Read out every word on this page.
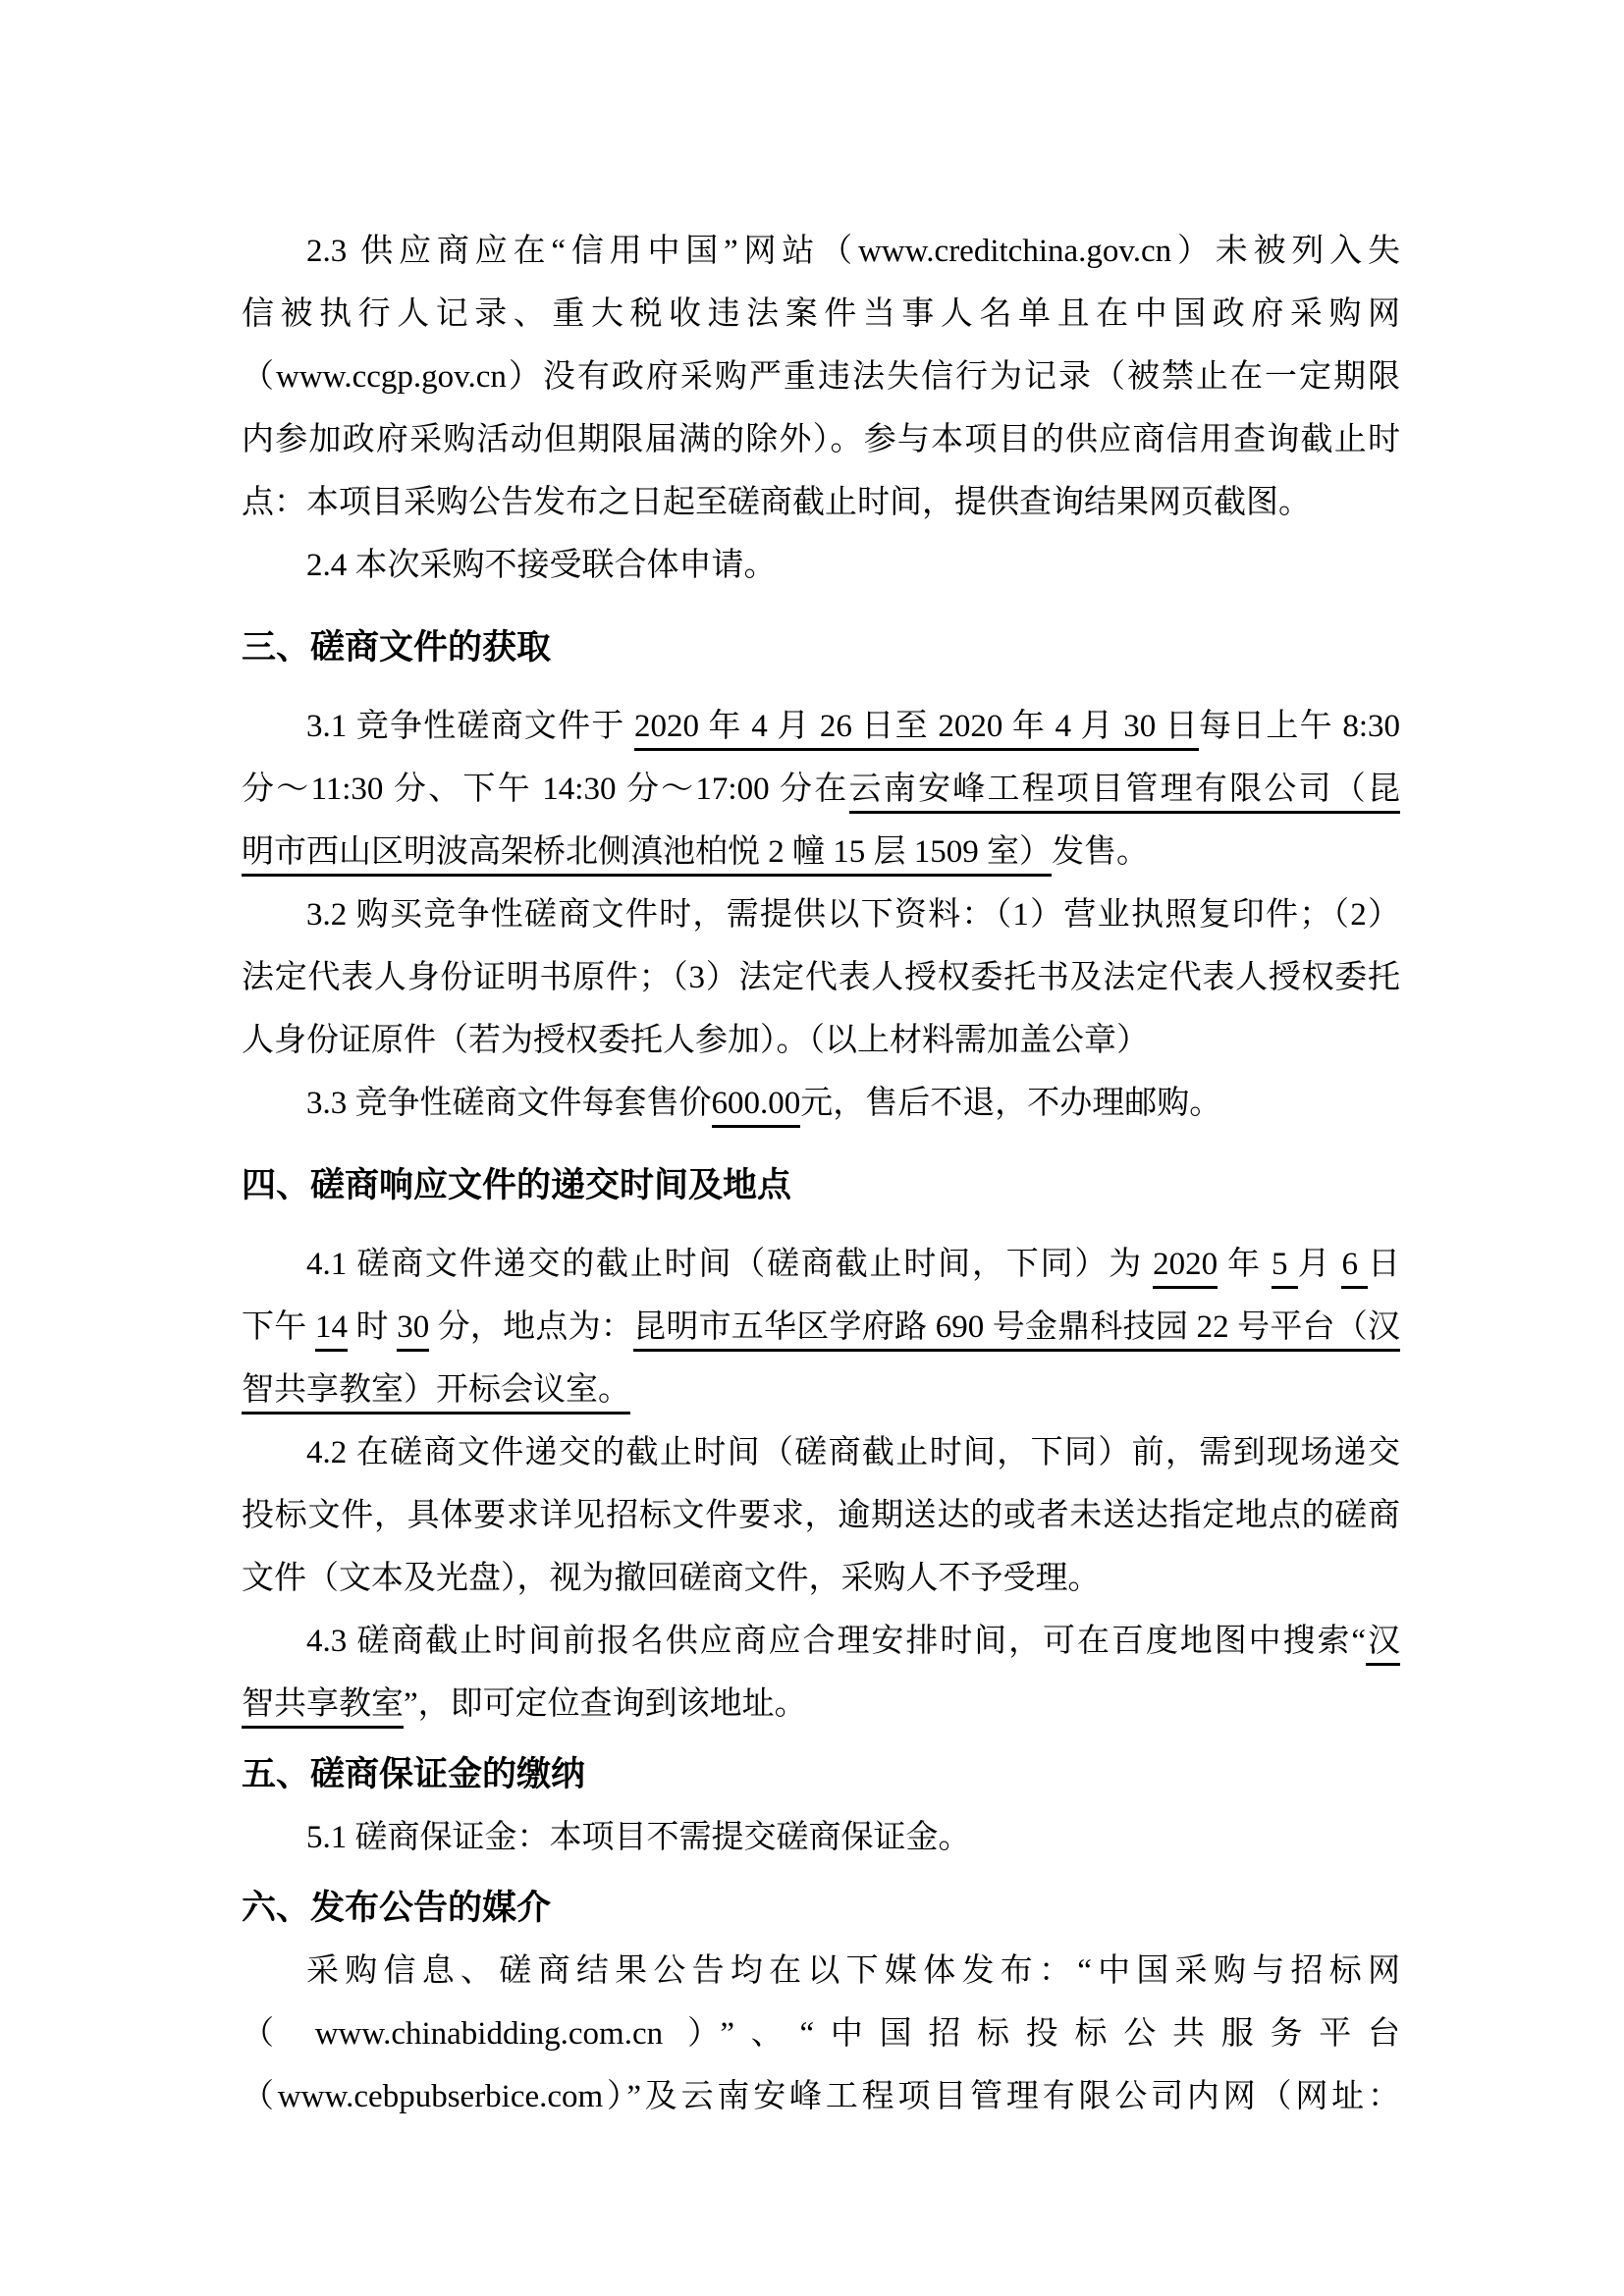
2.3 供应商应在“信用中国”网站（www.creditchina.gov.cn）未被列入失
信被执行人记录、重大税收违法案件当事人名单且在中国政府采购网
（www.ccgp.gov.cn）没有政府采购严重违法失信行为记录（被禁止在一定期限
内参加政府采购活动但期限届满的除外）。参与本项目的供应商信用查询截止时
点：本项目采购公告发布之日起至磋商截止时间，提供查询结果网页截图。
2.4 本次采购不接受联合体申请。
三、磋商文件的获取
3.1 竞争性磋商文件于 2020 年 4 月 26 日至 2020 年 4 月 30 日每日上午 8:30
分～11:30 分、下午 14:30 分～17:00 分在云南安峰工程项目管理有限公司（昆
明市西山区明波高架桥北侧滇池柏悦 2 幢 15 层 1509 室）发售。
3.2 购买竞争性磋商文件时，需提供以下资料：（1）营业执照复印件；（2）
法定代表人身份证明书原件；（3）法定代表人授权委托书及法定代表人授权委托
人身份证原件（若为授权委托人参加）。（以上材料需加盖公章）
3.3 竞争性磋商文件每套售价600.00元，售后不退，不办理邮购。
四、磋商响应文件的递交时间及地点
4.1 磋商文件递交的截止时间（磋商截止时间，下同）为 2020 年 5 月 6 日
下午 14 时 30 分，地点为：昆明市五华区学府路 690 号金鼎科技园 22 号平台（汉
智共享教室）开标会议室。
4.2 在磋商文件递交的截止时间（磋商截止时间，下同）前，需到现场递交
投标文件，具体要求详见招标文件要求，逾期送达的或者未送达指定地点的磋商
文件（文本及光盘），视为撤回磋商文件，采购人不予受理。
4.3 磋商截止时间前报名供应商应合理安排时间，可在百度地图中搜索“汉
智共享教室”，即可定位查询到该地址。
五、磋商保证金的缴纳
5.1 磋商保证金：本项目不需提交磋商保证金。
六、发布公告的媒介
采购信息、磋商结果公告均在以下媒体发布：“中国采购与招标网
（ www.chinabidding.com.cn ）”、“中国招标投标公共服务平台
（www.cebpubserbice.com）”及云南安峰工程项目管理有限公司内网（网址：
